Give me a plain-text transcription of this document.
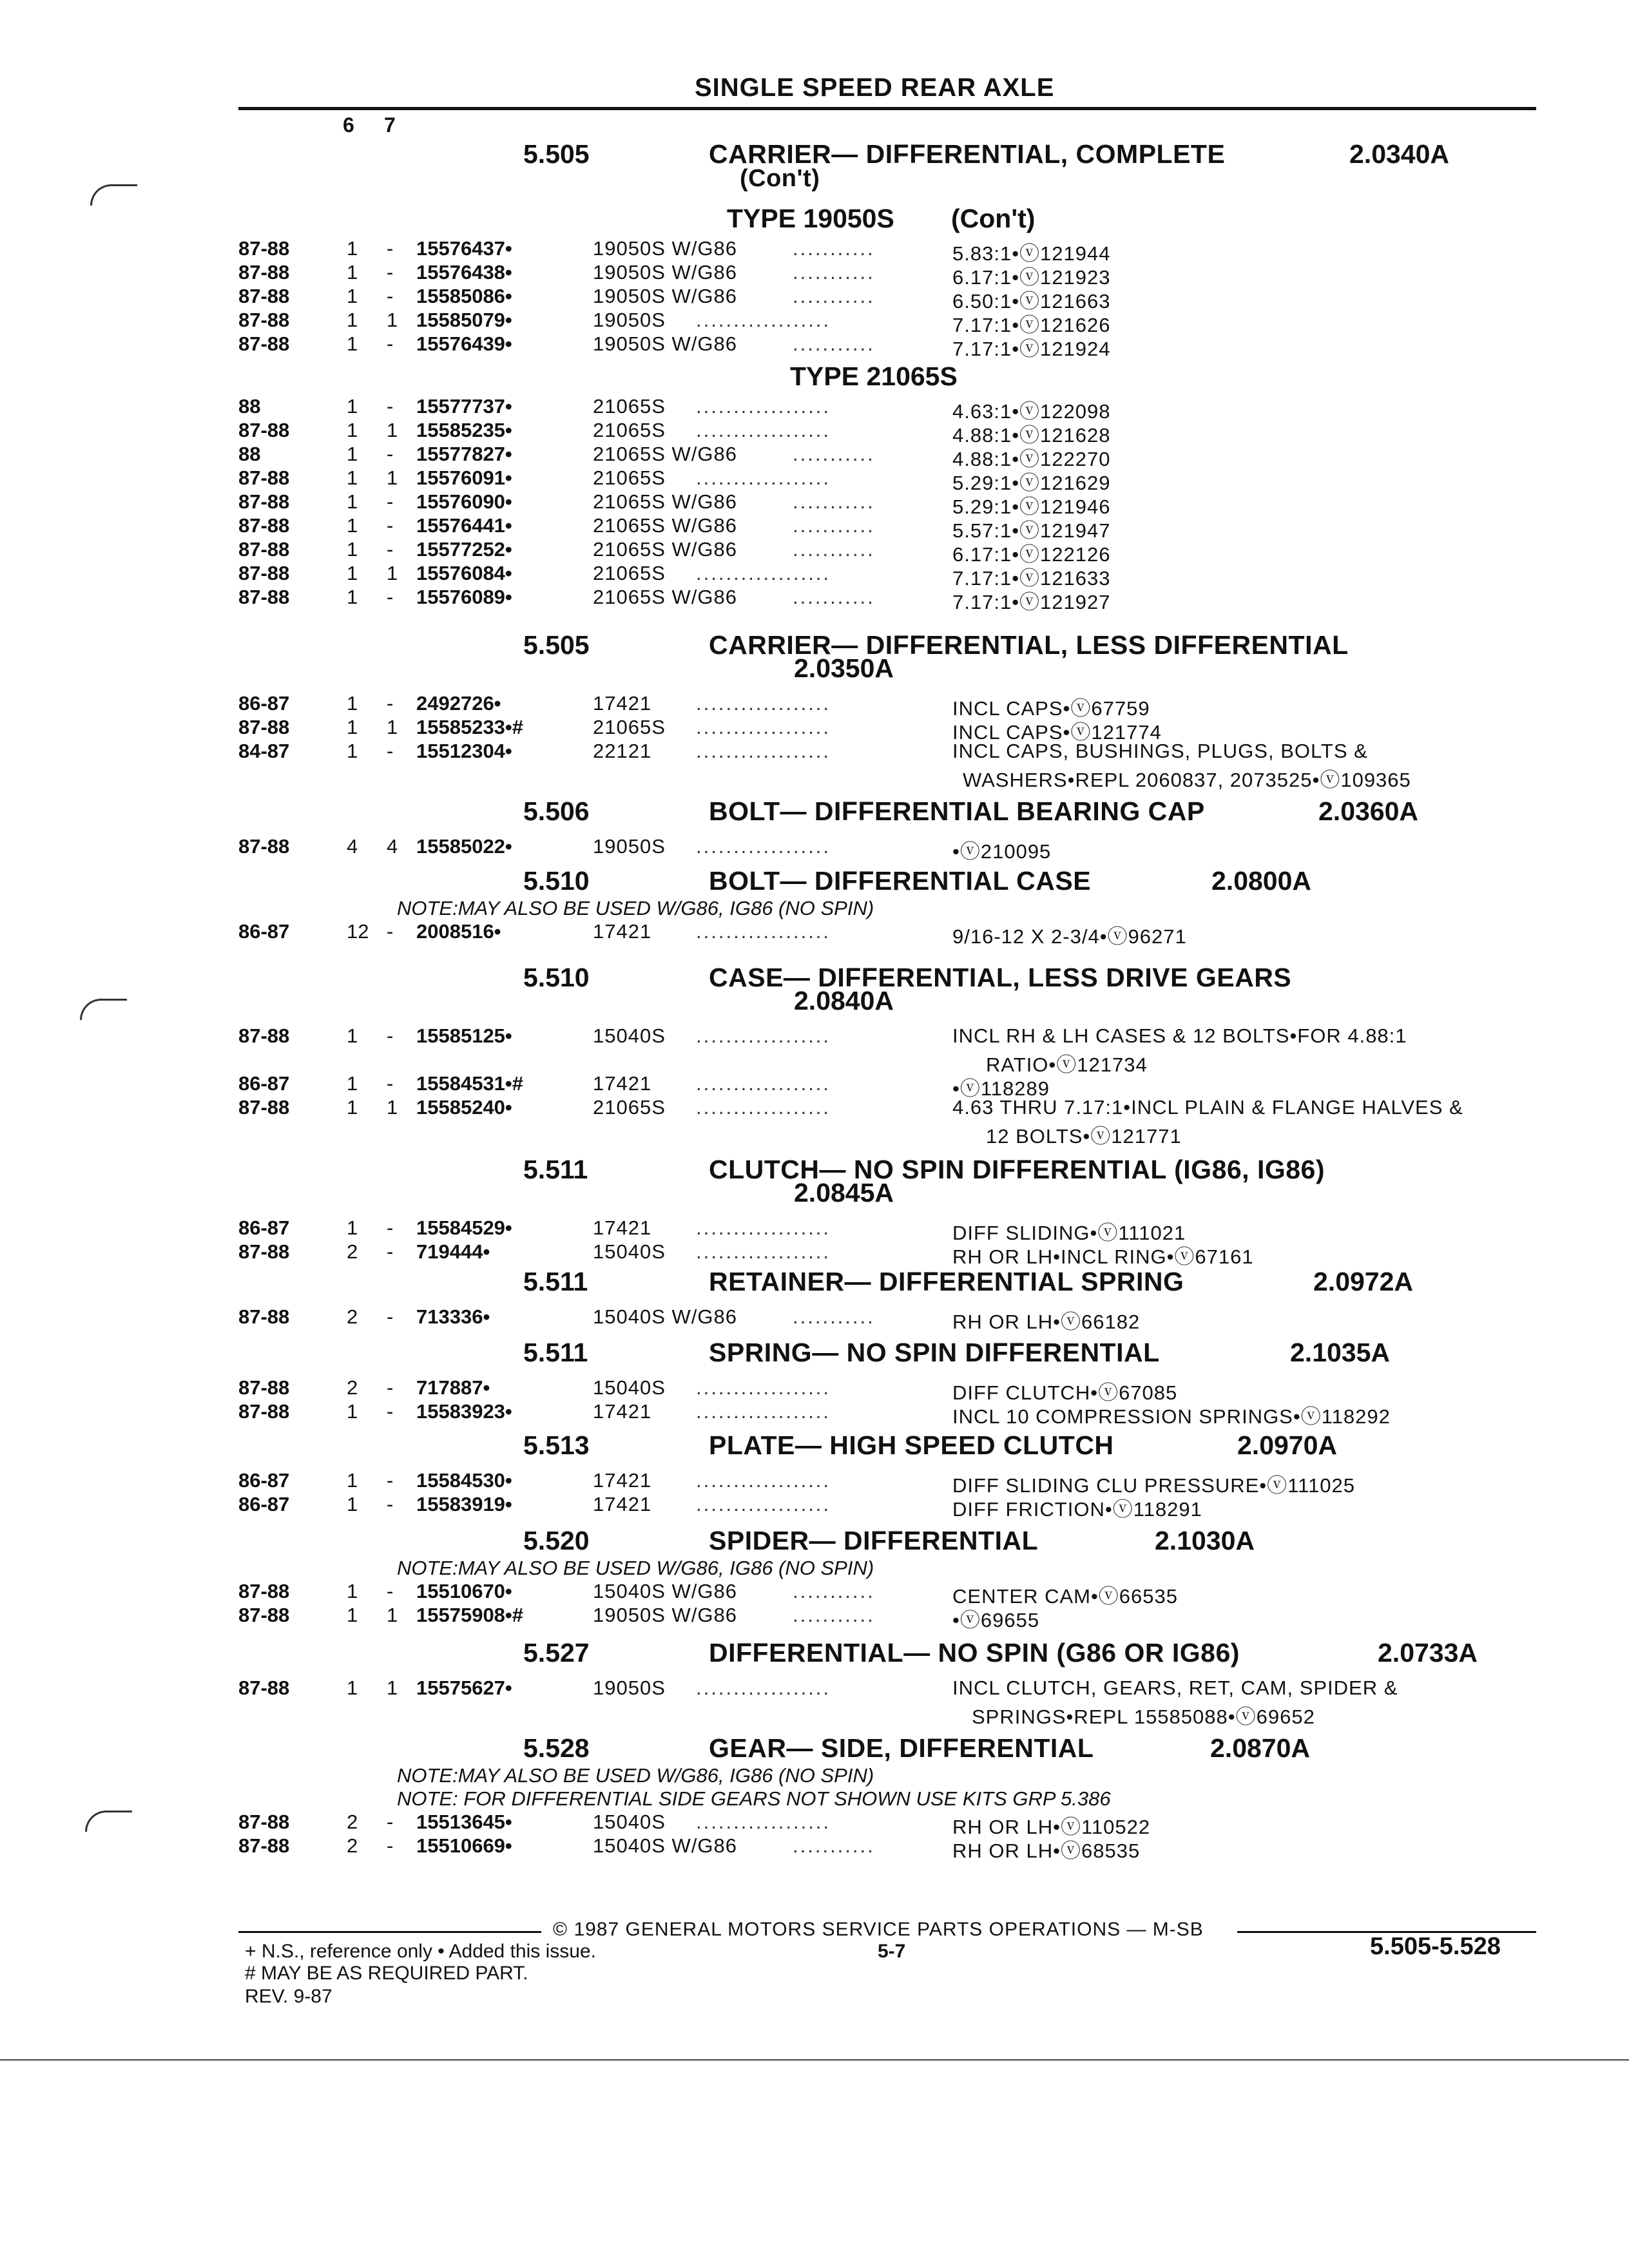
SINGLE SPEED REAR AXLE
6 7
5.505	CARRIER— DIFFERENTIAL, COMPLETE	2.0340A
(Con't)
TYPE 19050S (Con't)
87-88	1 - 15576437•	19050S W/G86	5.83:1•ⓥ121944
...........
87-88	1 - 15576438•	19050S W/G86	6.17:1•ⓥ121923
...........
87-88	1 - 15585086•	19050S W/G86	6.50:1•ⓥ121663
...........
87-88	1 1 15585079•	19050S	7.17:1•ⓥ121626
..................
87-88	1 - 15576439•	19050S W/G86	7.17:1•ⓥ121924
...........
TYPE 21065S
88	1 - 15577737•	21065S	4.63:1•ⓥ122098
..................
87-88	1 1 15585235•	21065S	4.88:1•ⓥ121628
..................
88	1 - 15577827•	21065S W/G86	4.88:1•ⓥ122270
...........
87-88	1 1 15576091•	21065S	5.29:1•ⓥ121629
..................
87-88	1 - 15576090•	21065S W/G86	5.29:1•ⓥ121946
...........
87-88	1 - 15576441•	21065S W/G86	5.57:1•ⓥ121947
...........
87-88	1 - 15577252•	21065S W/G86	6.17:1•ⓥ122126
...........
87-88	1 1 15576084•	21065S	7.17:1•ⓥ121633
..................
87-88	1 - 15576089•	21065S W/G86	7.17:1•ⓥ121927
...........
5.505	CARRIER— DIFFERENTIAL, LESS DIFFERENTIAL
2.0350A
86-87	1 - 2492726•	17421	INCL CAPS•ⓥ67759
..................
87-88	1 1 15585233•#	21065S	INCL CAPS•ⓥ121774
..................
84-87	1 - 15512304•	22121	INCL CAPS, BUSHINGS, PLUGS, BOLTS &
..................
WASHERS•REPL 2060837, 2073525•ⓥ109365
5.506	BOLT— DIFFERENTIAL BEARING CAP	2.0360A
87-88	4 4 15585022•	19050S	•ⓥ210095
..................
5.510	BOLT— DIFFERENTIAL CASE	2.0800A
NOTE:MAY ALSO BE USED W/G86, IG86 (NO SPIN)
86-87	12 - 2008516•	17421	9/16-12 X 2-3/4•ⓥ96271
..................
5.510	CASE— DIFFERENTIAL, LESS DRIVE GEARS
2.0840A
87-88	1 - 15585125•	15040S	INCL RH & LH CASES & 12 BOLTS•FOR 4.88:1
..................
RATIO•ⓥ121734
86-87	1 - 15584531•#	17421	•ⓥ118289
..................
87-88	1 1 15585240•	21065S	4.63 THRU 7.17:1•INCL PLAIN & FLANGE HALVES &
..................
12 BOLTS•ⓥ121771
5.511	CLUTCH— NO SPIN DIFFERENTIAL (IG86, IG86)
2.0845A
86-87	1 - 15584529•	17421	DIFF SLIDING•ⓥ111021
..................
87-88	2 - 719444•	15040S	RH OR LH•INCL RING•ⓥ67161
..................
5.511	RETAINER— DIFFERENTIAL SPRING	2.0972A
87-88	2 - 713336•	15040S W/G86	RH OR LH•ⓥ66182
...........
5.511	SPRING— NO SPIN DIFFERENTIAL	2.1035A
87-88	2 - 717887•	15040S	DIFF CLUTCH•ⓥ67085
..................
87-88	1 - 15583923•	17421	INCL 10 COMPRESSION SPRINGS•ⓥ118292
..................
5.513	PLATE— HIGH SPEED CLUTCH	2.0970A
86-87	1 - 15584530•	17421	DIFF SLIDING CLU PRESSURE•ⓥ111025
..................
86-87	1 - 15583919•	17421	DIFF FRICTION•ⓥ118291
..................
5.520	SPIDER— DIFFERENTIAL	2.1030A
NOTE:MAY ALSO BE USED W/G86, IG86 (NO SPIN)
87-88	1 - 15510670•	15040S W/G86	CENTER CAM•ⓥ66535
...........
87-88	1 1 15575908•#	19050S W/G86	•ⓥ69655
...........
5.527	DIFFERENTIAL— NO SPIN (G86 OR IG86)	2.0733A
87-88	1 1 15575627•	19050S	INCL CLUTCH, GEARS, RET, CAM, SPIDER &
..................
SPRINGS•REPL 15585088•ⓥ69652
5.528	GEAR— SIDE, DIFFERENTIAL	2.0870A
NOTE:MAY ALSO BE USED W/G86, IG86 (NO SPIN)
NOTE: FOR DIFFERENTIAL SIDE GEARS NOT SHOWN USE KITS GRP 5.386
87-88	2 - 15513645•	15040S	RH OR LH•ⓥ110522
..................
87-88	2 - 15510669•	15040S W/G86	RH OR LH•ⓥ68535
...........
© 1987 GENERAL MOTORS SERVICE PARTS OPERATIONS — M-SB
+ N.S., reference only • Added this issue.	5-7	5.505-5.528
# MAY BE AS REQUIRED PART.
REV. 9-87
